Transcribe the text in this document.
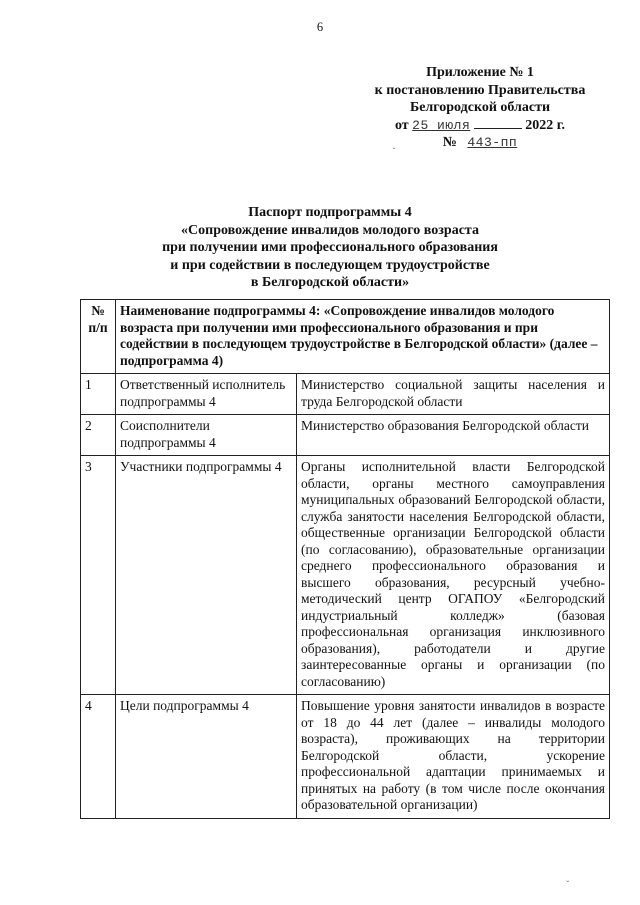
6
Приложение № 1
к постановлению Правительства
Белгородской области
от 25 июля	2022 г.
№ 443-пп
·
Паспорт подпрограммы 4
«Сопровождение инвалидов молодого возраста
при получении ими профессионального образования
и при содействии в последующем трудоустройстве
в Белгородской области»
№ п/п	Наименование подпрограммы 4: «Сопровождение инвалидов молодого возраста при получении ими профессионального образования и при содействии в последующем трудоустройстве в Белгородской области» (далее – подпрограмма 4)	
1	Ответственный исполнитель подпрограммы 4	Министерство социальной защиты населения и труда Белгородской области
2	Соисполнители подпрограммы 4	Министерство образования Белгородской области
3	Участники подпрограммы 4	Органы исполнительной власти Белгородской области, органы местного самоуправления муниципальных образований Белгородской области, служба занятости населения Белгородской области, общественные организации Белгородской области (по согласованию), образовательные организации среднего профессионального образования и высшего образования, ресурсный учебно-методический центр ОГАПОУ «Белгородский индустриальный колледж» (базовая профессиональная организация инклюзивного образования), работодатели и другие заинтересованные органы и организации (по согласованию)
4	Цели подпрограммы 4	Повышение уровня занятости инвалидов в возрасте от 18 до 44 лет (далее – инвалиды молодого возраста), проживающих на территории Белгородской области, ускорение профессиональной адаптации принимаемых и принятых на работу (в том числе после окончания образовательной организации)
ˇ
